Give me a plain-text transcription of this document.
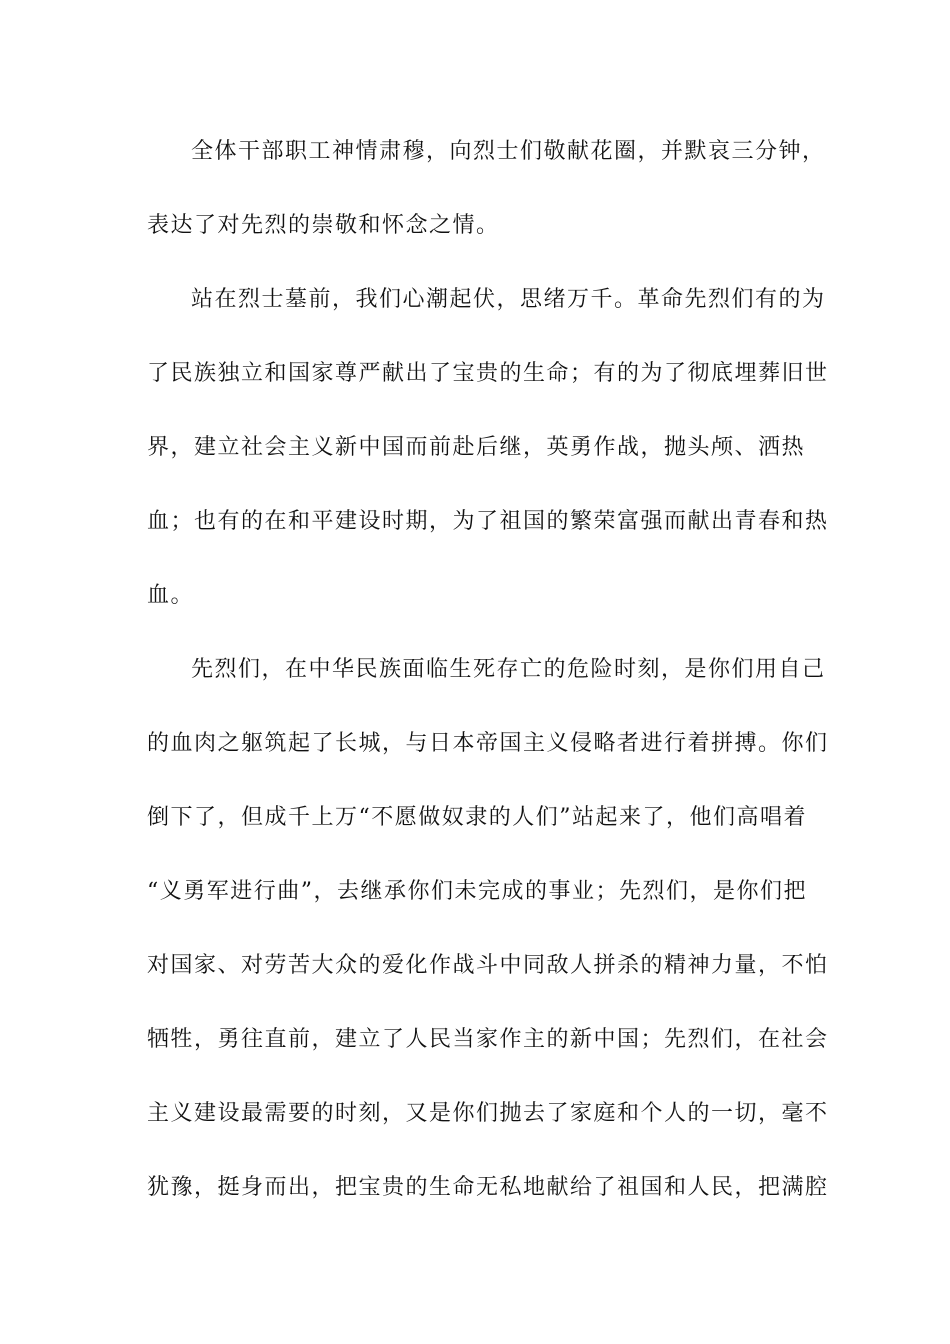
全体干部职工神情肃穆，向烈士们敬献花圈，并默哀三分钟，
表达了对先烈的崇敬和怀念之情。
站在烈士墓前，我们心潮起伏，思绪万千。革命先烈们有的为
了民族独立和国家尊严献出了宝贵的生命；有的为了彻底埋葬旧世
界，建立社会主义新中国而前赴后继，英勇作战，抛头颅、洒热
血；也有的在和平建设时期，为了祖国的繁荣富强而献出青春和热
血。
先烈们，在中华民族面临生死存亡的危险时刻，是你们用自己
的血肉之躯筑起了长城，与日本帝国主义侵略者进行着拼搏。你们
倒下了，但成千上万“不愿做奴隶的人们”站起来了，他们高唱着
“义勇军进行曲”，去继承你们未完成的事业；先烈们，是你们把
对国家、对劳苦大众的爱化作战斗中同敌人拼杀的精神力量，不怕
牺牲，勇往直前，建立了人民当家作主的新中国；先烈们，在社会
主义建设最需要的时刻，又是你们抛去了家庭和个人的一切，毫不
犹豫，挺身而出，把宝贵的生命无私地献给了祖国和人民，把满腔
